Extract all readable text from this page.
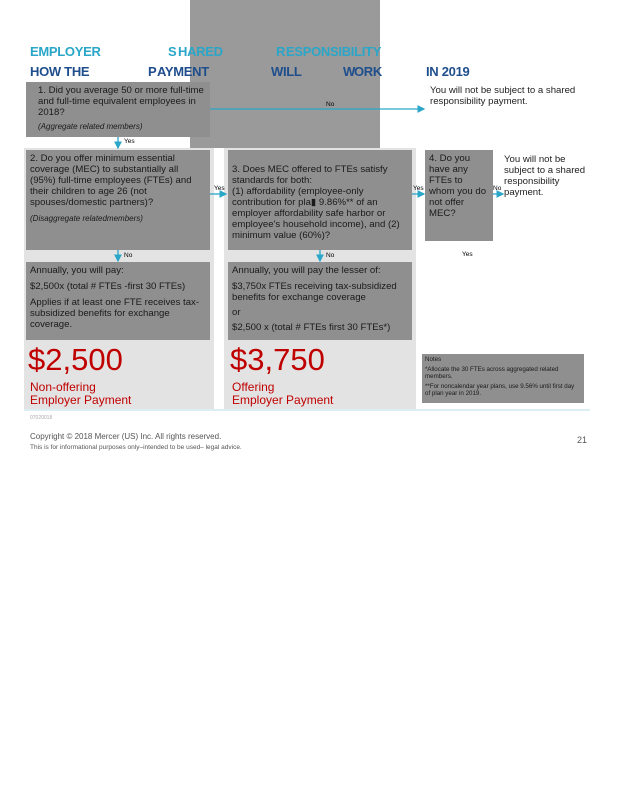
EMPLOYER	S HARED	R ESPONSIBILITY
HOW THE	P AYMENT	WILL	W ORK	IN 2019
1. Did you average 50 or more full-time and full-time equivalent employees in 2018?
(Aggregate related members)
You will not be subject to a shared responsibility payment.
2. Do you offer minimum essential coverage (MEC) to substantially all (95%) full-time employees (FTEs) and their children to age 26 (not spouses/domestic partners)?
(Disaggregate relatedmembers)

3. Does MEC offered to FTEs satisfy standards for both:
(1) affordability (employee-only contribution for pla▮ 9.86%** of an employer affordability safe harbor or employee's household income), and (2) minimum value (60%)?

4. Do you have any FTEs to whom you do not offer MEC?
You will not be subject to a shared responsibility payment.
Annually, you will pay:
$2,500x (total # FTEs -first 30 FTEs)
Applies if at least one FTE receives tax-subsidized benefits for exchange coverage.
$2,500
Non-offering
Employer Payment
Annually, you will pay the lesser of:
$3,750x FTEs receiving tax-subsidized benefits for exchange coverage
or
$2,500 x (total # FTEs first 30 FTEs*)
$3,750
Offering
Employer Payment
Notes
*Allocate the 30 FTEs across aggregated related members.
**For noncalendar year plans, use 9.56% until first day of plan year in 2019.
No
Yes
Yes	Yes	No
No	No	Yes
07020018
Copyright © 2018 Mercer (US) Inc. All rights reserved.
This is for informational purposes only–intended to be used– legal advice.
21
